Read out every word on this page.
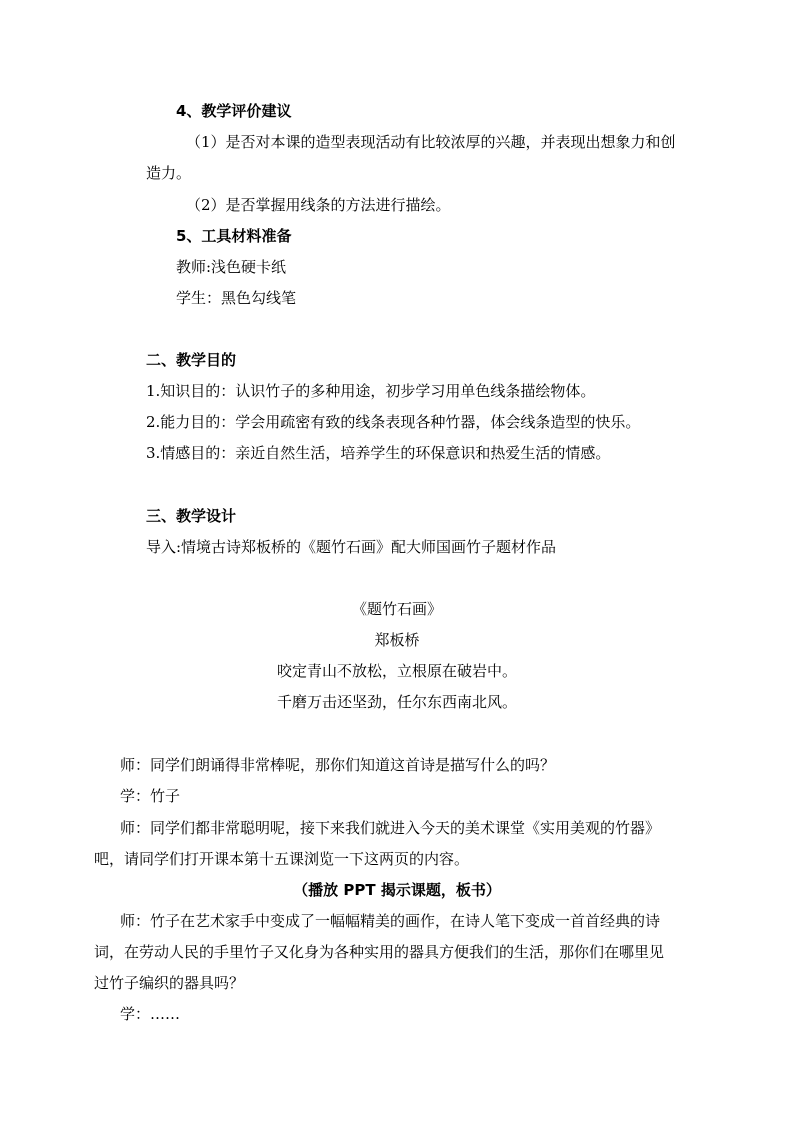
4、教学评价建议
（1）是否对本课的造型表现活动有比较浓厚的兴趣，并表现出想象力和创
造力。
（2）是否掌握用线条的方法进行描绘。
5、工具材料准备
教师:浅色硬卡纸
学生：黑色勾线笔
二、教学目的
1.知识目的：认识竹子的多种用途，初步学习用单色线条描绘物体。
2.能力目的：学会用疏密有致的线条表现各种竹器，体会线条造型的快乐。
3.情感目的：亲近自然生活，培养学生的环保意识和热爱生活的情感。
三、教学设计
导入:情境古诗郑板桥的《题竹石画》配大师国画竹子题材作品
《题竹石画》
郑板桥
咬定青山不放松，立根原在破岩中。
千磨万击还坚劲，任尔东西南北风。
师：同学们朗诵得非常棒呢，那你们知道这首诗是描写什么的吗？
学：竹子
师：同学们都非常聪明呢，接下来我们就进入今天的美术课堂《实用美观的竹器》
吧，请同学们打开课本第十五课浏览一下这两页的内容。
（播放 PPT 揭示课题，板书）
师：竹子在艺术家手中变成了一幅幅精美的画作，在诗人笔下变成一首首经典的诗
词，在劳动人民的手里竹子又化身为各种实用的器具方便我们的生活，那你们在哪里见
过竹子编织的器具吗？
学：……
